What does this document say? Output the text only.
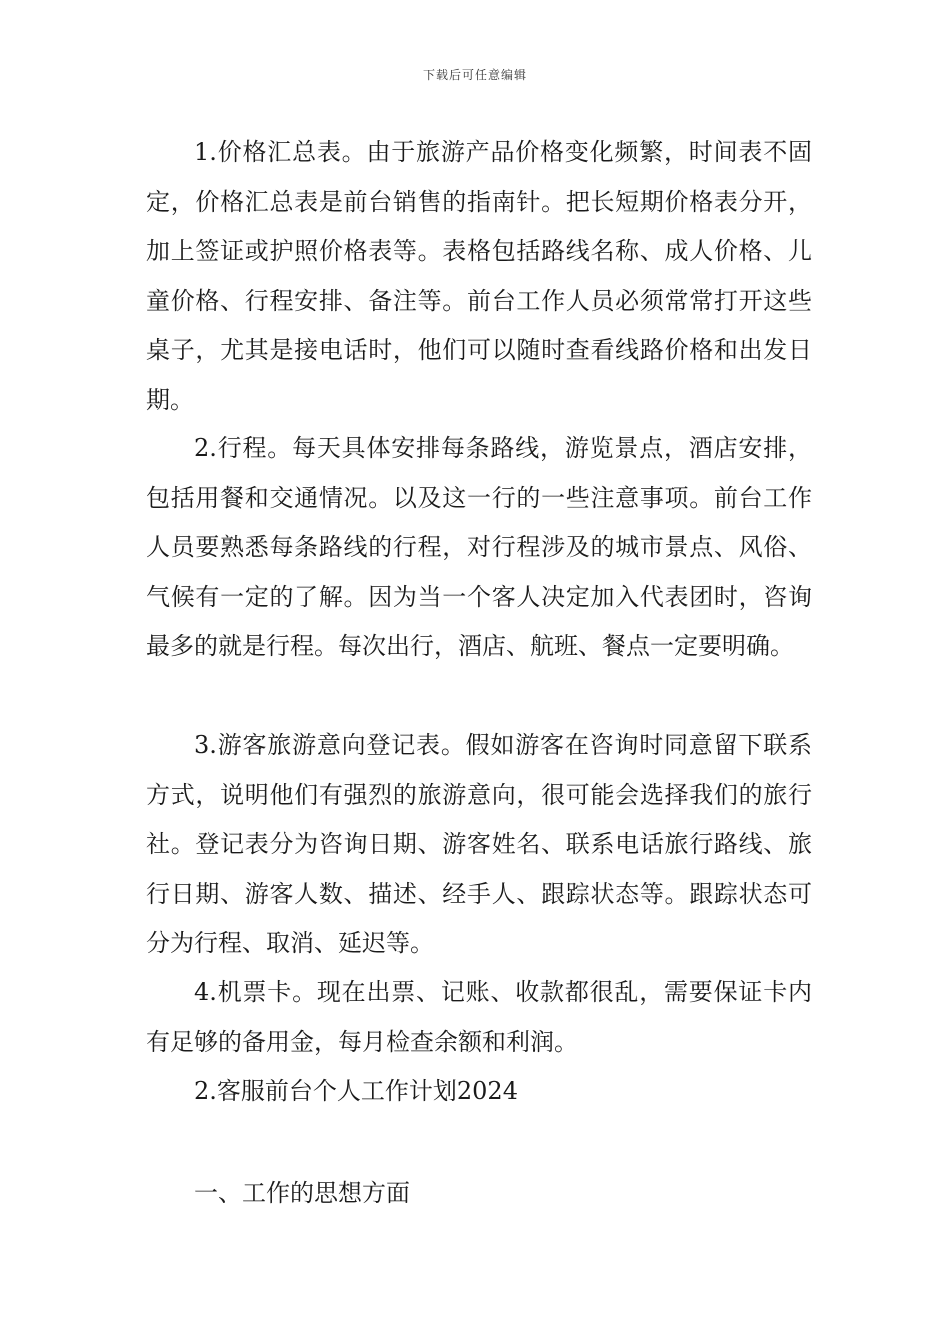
下载后可任意编辑

1.价格汇总表。由于旅游产品价格变化频繁，时间表不固定，价格汇总表是前台销售的指南针。把长短期价格表分开，加上签证或护照价格表等。表格包括路线名称、成人价格、儿童价格、行程安排、备注等。前台工作人员必须常常打开这些桌子，尤其是接电话时，他们可以随时查看线路价格和出发日期。

2.行程。每天具体安排每条路线，游览景点，酒店安排，包括用餐和交通情况。以及这一行的一些注意事项。前台工作人员要熟悉每条路线的行程，对行程涉及的城市景点、风俗、气候有一定的了解。因为当一个客人决定加入代表团时，咨询最多的就是行程。每次出行，酒店、航班、餐点一定要明确。

3.游客旅游意向登记表。假如游客在咨询时同意留下联系方式，说明他们有强烈的旅游意向，很可能会选择我们的旅行社。登记表分为咨询日期、游客姓名、联系电话旅行路线、旅行日期、游客人数、描述、经手人、跟踪状态等。跟踪状态可分为行程、取消、延迟等。

4.机票卡。现在出票、记账、收款都很乱，需要保证卡内有足够的备用金，每月检查余额和利润。

2.客服前台个人工作计划2024

一、工作的思想方面
